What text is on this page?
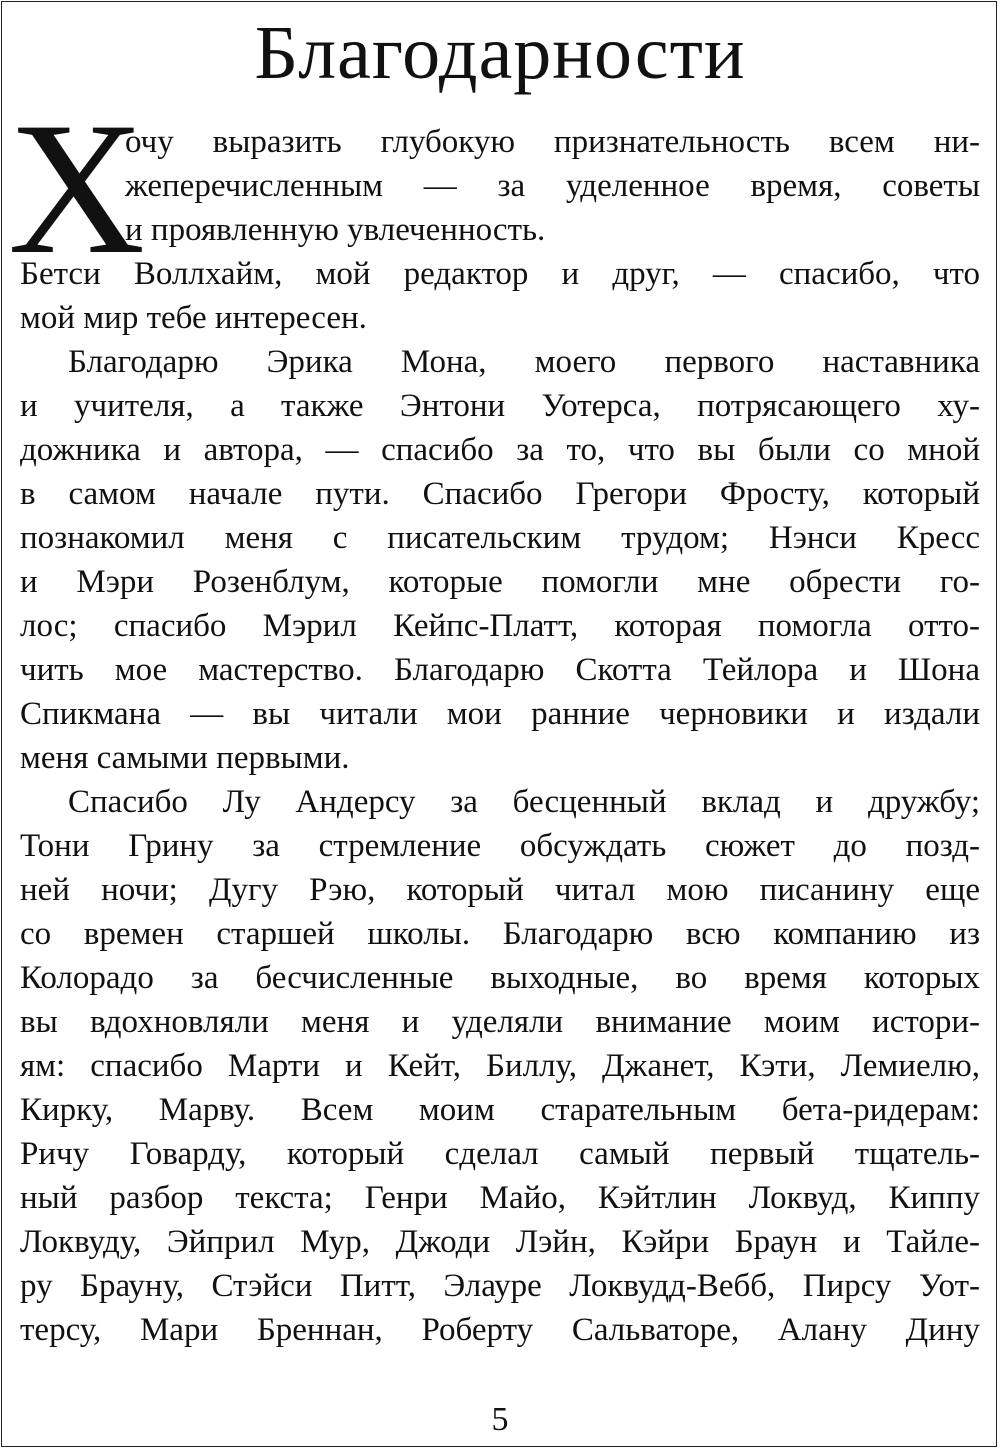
Благодарности
Х
очу выразить глубокую признательность всем ни-
жеперечисленным — за уделенное время, советы
и проявленную увлеченность.
Бетси Воллхайм, мой редактор и друг, — спасибо, что
мой мир тебе интересен.
Благодарю Эрика Мона, моего первого наставника
и учителя, а также Энтони Уотерса, потрясающего ху-
дожника и автора, — спасибо за то, что вы были со мной
в самом начале пути. Спасибо Грегори Фросту, который
познакомил меня с писательским трудом; Нэнси Кресс
и Мэри Розенблум, которые помогли мне обрести го-
лос; спасибо Мэрил Кейпс-Платт, которая помогла отто-
чить мое мастерство. Благодарю Скотта Тейлора и Шона
Спикмана — вы читали мои ранние черновики и издали
меня самыми первыми.
Спасибо Лу Андерсу за бесценный вклад и дружбу;
Тони Грину за стремление обсуждать сюжет до позд-
ней ночи; Дугу Рэю, который читал мою писанину еще
со времен старшей школы. Благодарю всю компанию из
Колорадо за бесчисленные выходные, во время которых
вы вдохновляли меня и уделяли внимание моим истори-
ям: спасибо Марти и Кейт, Биллу, Джанет, Кэти, Лемиелю,
Кирку, Марву. Всем моим старательным бета-ридерам:
Ричу Говарду, который сделал самый первый тщатель-
ный разбор текста; Генри Майо, Кэйтлин Локвуд, Киппу
Локвуду, Эйприл Мур, Джоди Лэйн, Кэйри Браун и Тайле-
ру Брауну, Стэйси Питт, Элауре Локвудд-Вебб, Пирсу Уот-
терсу, Мари Бреннан, Роберту Сальваторе, Алану Дину
5
